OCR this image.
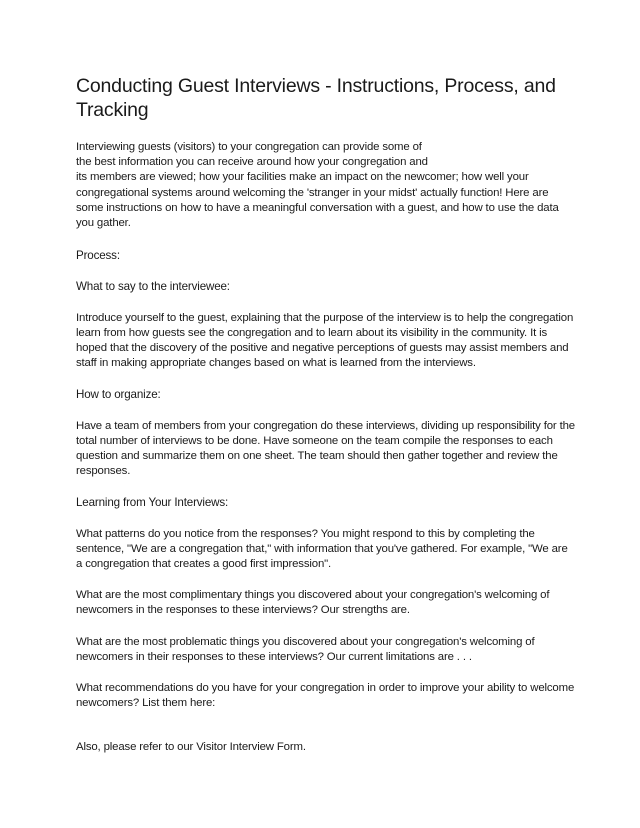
Conducting Guest Interviews - Instructions, Process, and Tracking

Interviewing guests (visitors) to your congregation can provide some of
the best information you can receive around how your congregation and
its members are viewed; how your facilities make an impact on the newcomer; how well your congregational systems around welcoming the 'stranger in your midst' actually function! Here are some instructions on how to have a meaningful conversation with a guest, and how to use the data you gather.

Process:

What to say to the interviewee:

Introduce yourself to the guest, explaining that the purpose of the interview is to help the congregation learn from how guests see the congregation and to learn about its visibility in the community. It is hoped that the discovery of the positive and negative perceptions of guests may assist members and staff in making appropriate changes based on what is learned from the interviews.

How to organize:

Have a team of members from your congregation do these interviews, dividing up responsibility for the total number of interviews to be done. Have someone on the team compile the responses to each question and summarize them on one sheet. The team should then gather together and review the responses.

Learning from Your Interviews:

What patterns do you notice from the responses? You might respond to this by completing the sentence, "We are a congregation that," with information that you've gathered. For example, "We are a congregation that creates a good first impression".

What are the most complimentary things you discovered about your congregation's welcoming of newcomers in the responses to these interviews? Our strengths are.

What are the most problematic things you discovered about your congregation's welcoming of newcomers in their responses to these interviews? Our current limitations are . . .

What recommendations do you have for your congregation in order to improve your ability to welcome newcomers? List them here:

Also, please refer to our Visitor Interview Form.
